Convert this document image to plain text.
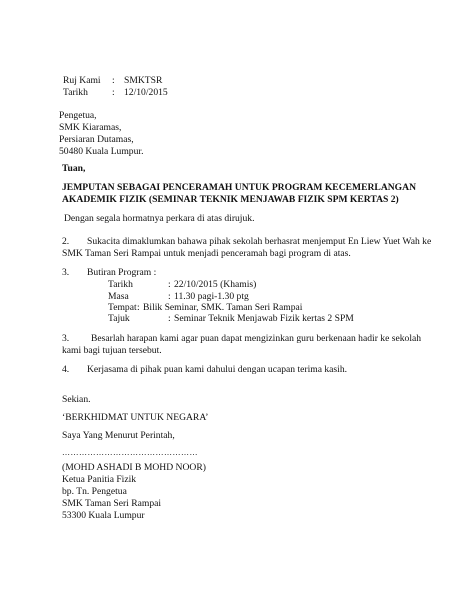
Ruj Kami : SMKTSR
Tarikh	: 12/10/2015
Pengetua,
SMK Kiaramas,
Persiaran Dutamas,
50480 Kuala Lumpur.
Tuan,
JEMPUTAN SEBAGAI PENCERAMAH UNTUK PROGRAM KECEMERLANGAN
AKADEMIK FIZIK (SEMINAR TEKNIK MENJAWAB FIZIK SPM KERTAS 2)
Dengan segala hormatnya perkara di atas dirujuk.
2. Sukacita dimaklumkan bahawa pihak sekolah berhasrat menjemput En Liew Yuet Wah ke
SMK Taman Seri Rampai untuk menjadi penceramah bagi program di atas.
3. Butiran Program :
Tarikh	: 22/10/2015 (Khamis)
Masa	: 11.30 pagi-1.30 ptg
Tempat : Bilik Seminar, SMK. Taman Seri Rampai
Tajuk	: Seminar Teknik Menjawab Fizik kertas 2 SPM
3. Besarlah harapan kami agar puan dapat mengizinkan guru berkenaan hadir ke sekolah
kami bagi tujuan tersebut.
4. Kerjasama di pihak puan kami dahului dengan ucapan terima kasih.
Sekian.
‘BERKHIDMAT UNTUK NEGARA’
Saya Yang Menurut Perintah,
…………………………………………
(MOHD ASHADI B MOHD NOOR)
Ketua Panitia Fizik
bp. Tn. Pengetua
SMK Taman Seri Rampai
53300 Kuala Lumpur
